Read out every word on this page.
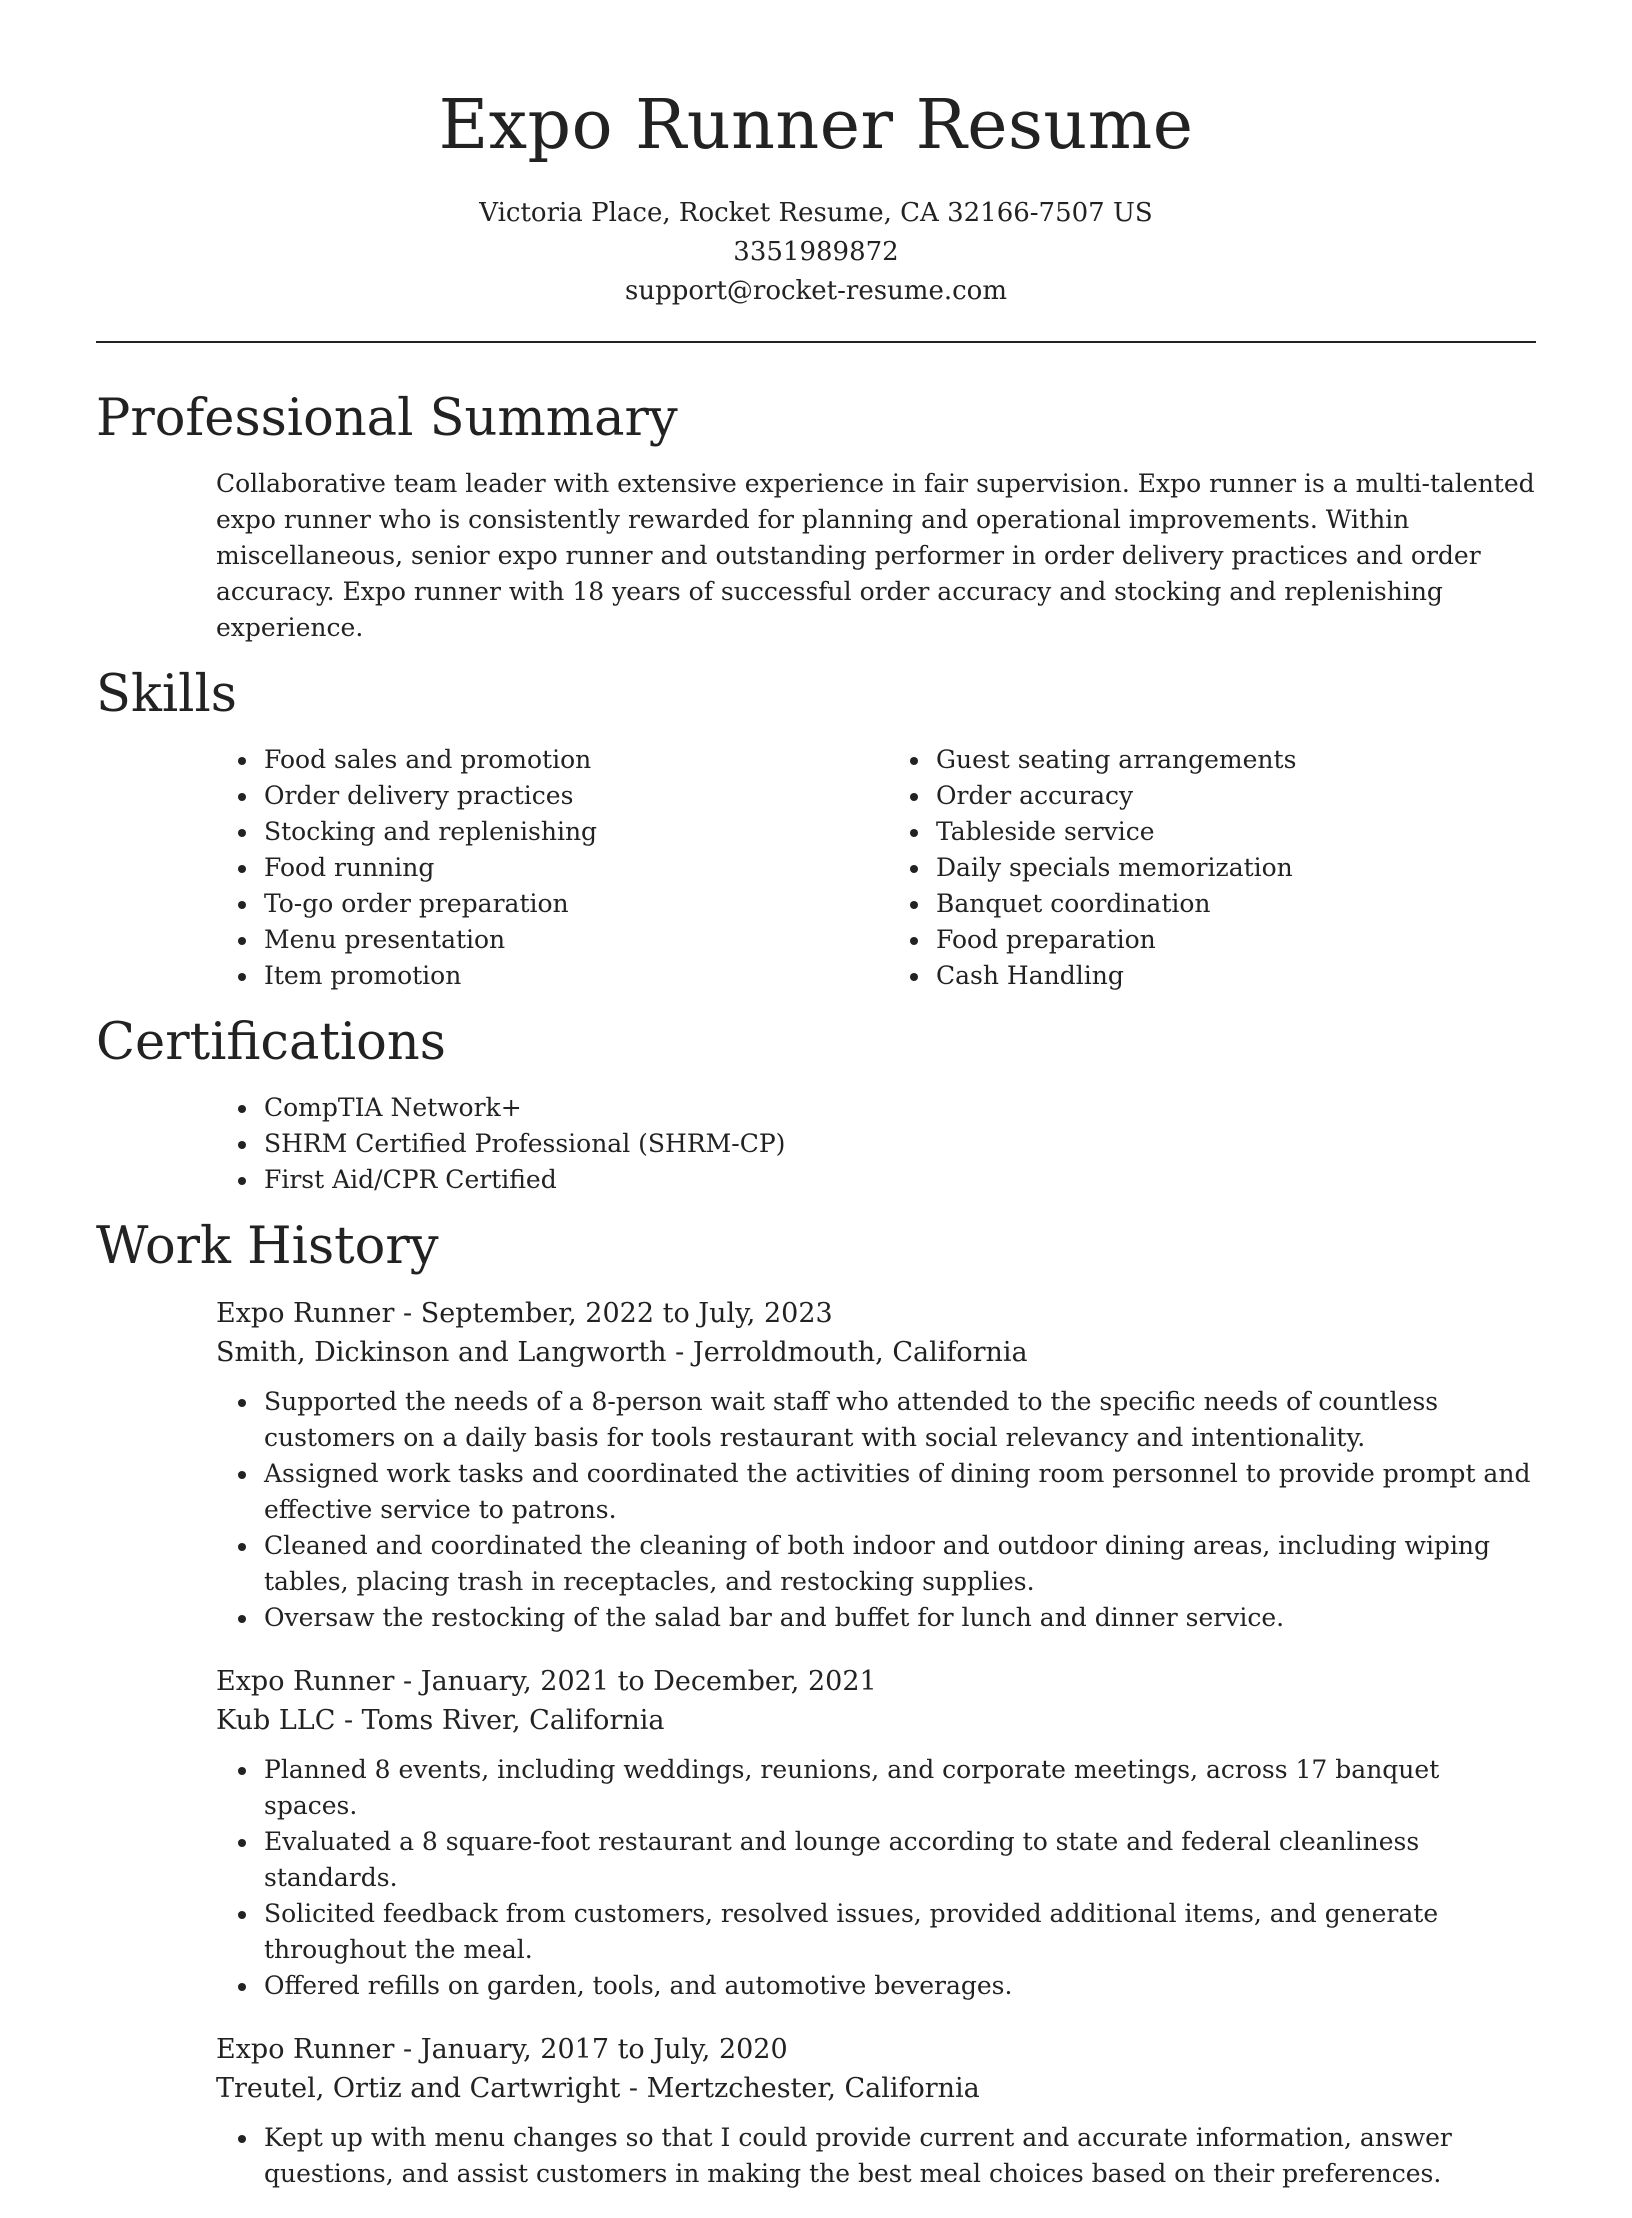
Expo Runner Resume
Victoria Place, Rocket Resume, CA 32166-7507 US
3351989872
support@rocket-resume.com
Professional Summary

Collaborative team leader with extensive experience in fair supervision. Expo runner is a multi-talented expo runner who is consistently rewarded for planning and operational improvements. Within miscellaneous, senior expo runner and outstanding performer in order delivery practices and order accuracy. Expo runner with 18 years of successful order accuracy and stocking and replenishing experience.

Skills
• Food sales and promotion
• Order delivery practices
• Stocking and replenishing
• Food running
• To-go order preparation
• Menu presentation
• Item promotion
• Guest seating arrangements
• Order accuracy
• Tableside service
• Daily specials memorization
• Banquet coordination
• Food preparation
• Cash Handling
Certifications
• CompTIA Network+
• SHRM Certified Professional (SHRM-CP)
• First Aid/CPR Certified
Work History
Expo Runner - September, 2022 to July, 2023
Smith, Dickinson and Langworth - Jerroldmouth, California
• Supported the needs of a 8-person wait staff who attended to the specific needs of countless customers on a daily basis for tools restaurant with social relevancy and intentionality.
• Assigned work tasks and coordinated the activities of dining room personnel to provide prompt and effective service to patrons.
• Cleaned and coordinated the cleaning of both indoor and outdoor dining areas, including wiping tables, placing trash in receptacles, and restocking supplies.
• Oversaw the restocking of the salad bar and buffet for lunch and dinner service.
Expo Runner - January, 2021 to December, 2021
Kub LLC - Toms River, California
• Planned 8 events, including weddings, reunions, and corporate meetings, across 17 banquet spaces.
• Evaluated a 8 square-foot restaurant and lounge according to state and federal cleanliness standards.
• Solicited feedback from customers, resolved issues, provided additional items, and generate throughout the meal.
• Offered refills on garden, tools, and automotive beverages.
Expo Runner - January, 2017 to July, 2020
Treutel, Ortiz and Cartwright - Mertzchester, California
• Kept up with menu changes so that I could provide current and accurate information, answer questions, and assist customers in making the best meal choices based on their preferences.
